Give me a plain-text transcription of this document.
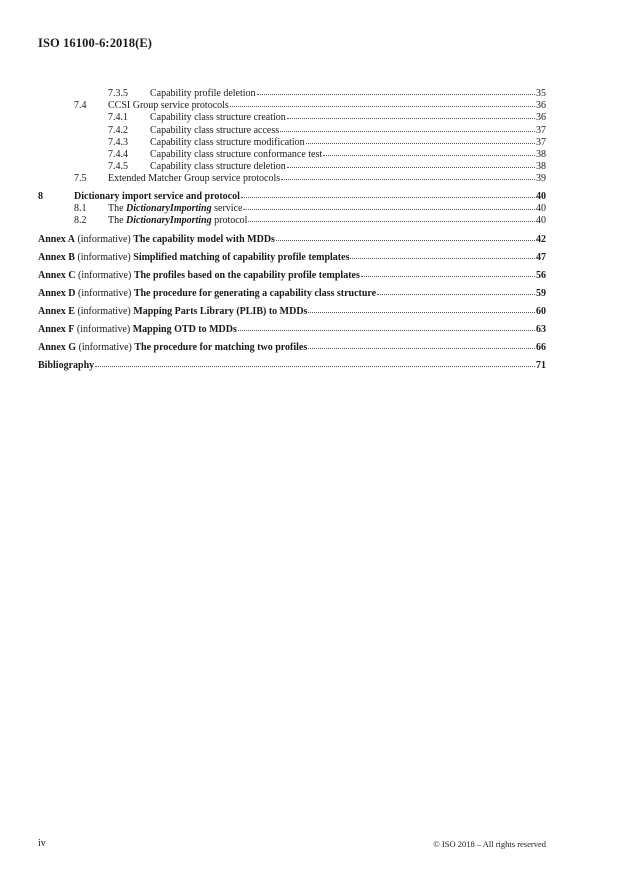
ISO 16100-6:2018(E)
7.3.5	Capability profile deletion	35
7.4	CCSI Group service protocols	36
7.4.1	Capability class structure creation	36
7.4.2	Capability class structure access	37
7.4.3	Capability class structure modification	37
7.4.4	Capability class structure conformance test	38
7.4.5	Capability class structure deletion	38
7.5	Extended Matcher Group service protocols	39
8	Dictionary import service and protocol	40
8.1	The DictionaryImporting service	40
8.2	The DictionaryImporting protocol	40
Annex A (informative) The capability model with MDDs	42
Annex B (informative) Simplified matching of capability profile templates	47
Annex C (informative) The profiles based on the capability profile templates	56
Annex D (informative) The procedure for generating a capability class structure	59
Annex E (informative) Mapping Parts Library (PLIB) to MDDs	60
Annex F (informative) Mapping OTD to MDDs	63
Annex G (informative) The procedure for matching two profiles	66
Bibliography	71
iv	© ISO 2018 – All rights reserved
